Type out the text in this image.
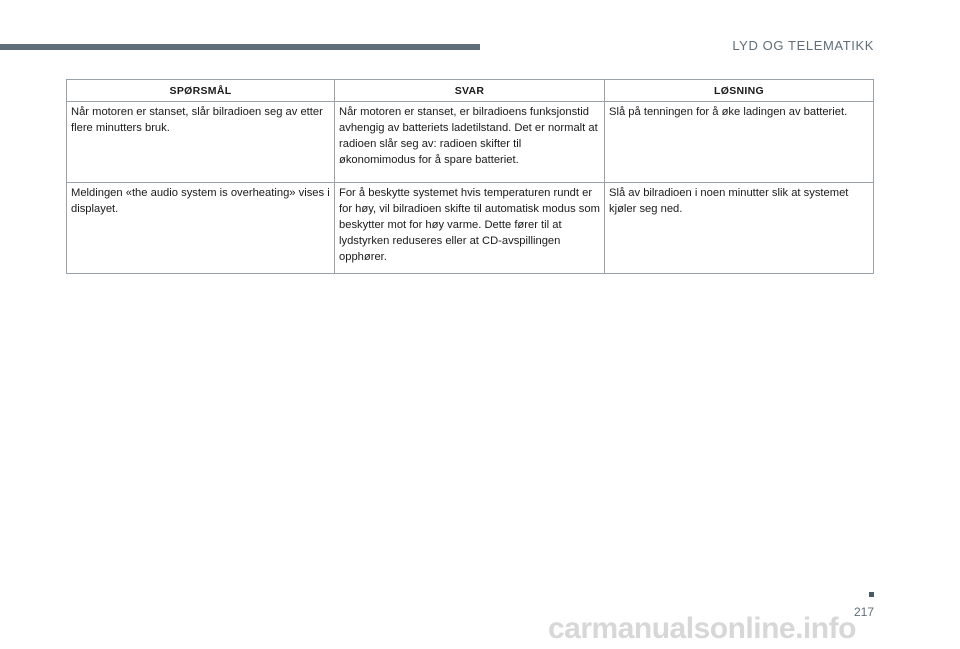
LYD OG TELEMATIKK
SPØRSMÅL	SVAR	LØSNING
Når motoren er stanset, slår bilradioen seg av etter flere minutters bruk.	Når motoren er stanset, er bilradioens funksjonstid avhengig av batteriets ladetilstand. Det er normalt at radioen slår seg av: radioen skifter til økonomimodus for å spare batteriet.	Slå på tenningen for å øke ladingen av batteriet.
Meldingen «the audio system is overheating» vises i displayet.	For å beskytte systemet hvis temperaturen rundt er for høy, vil bilradioen skifte til automatisk modus som beskytter mot for høy varme. Dette fører til at lydstyrken reduseres eller at CD-avspillingen opphører.	Slå av bilradioen i noen minutter slik at systemet kjøler seg ned.
217
carmanualsonline.info
